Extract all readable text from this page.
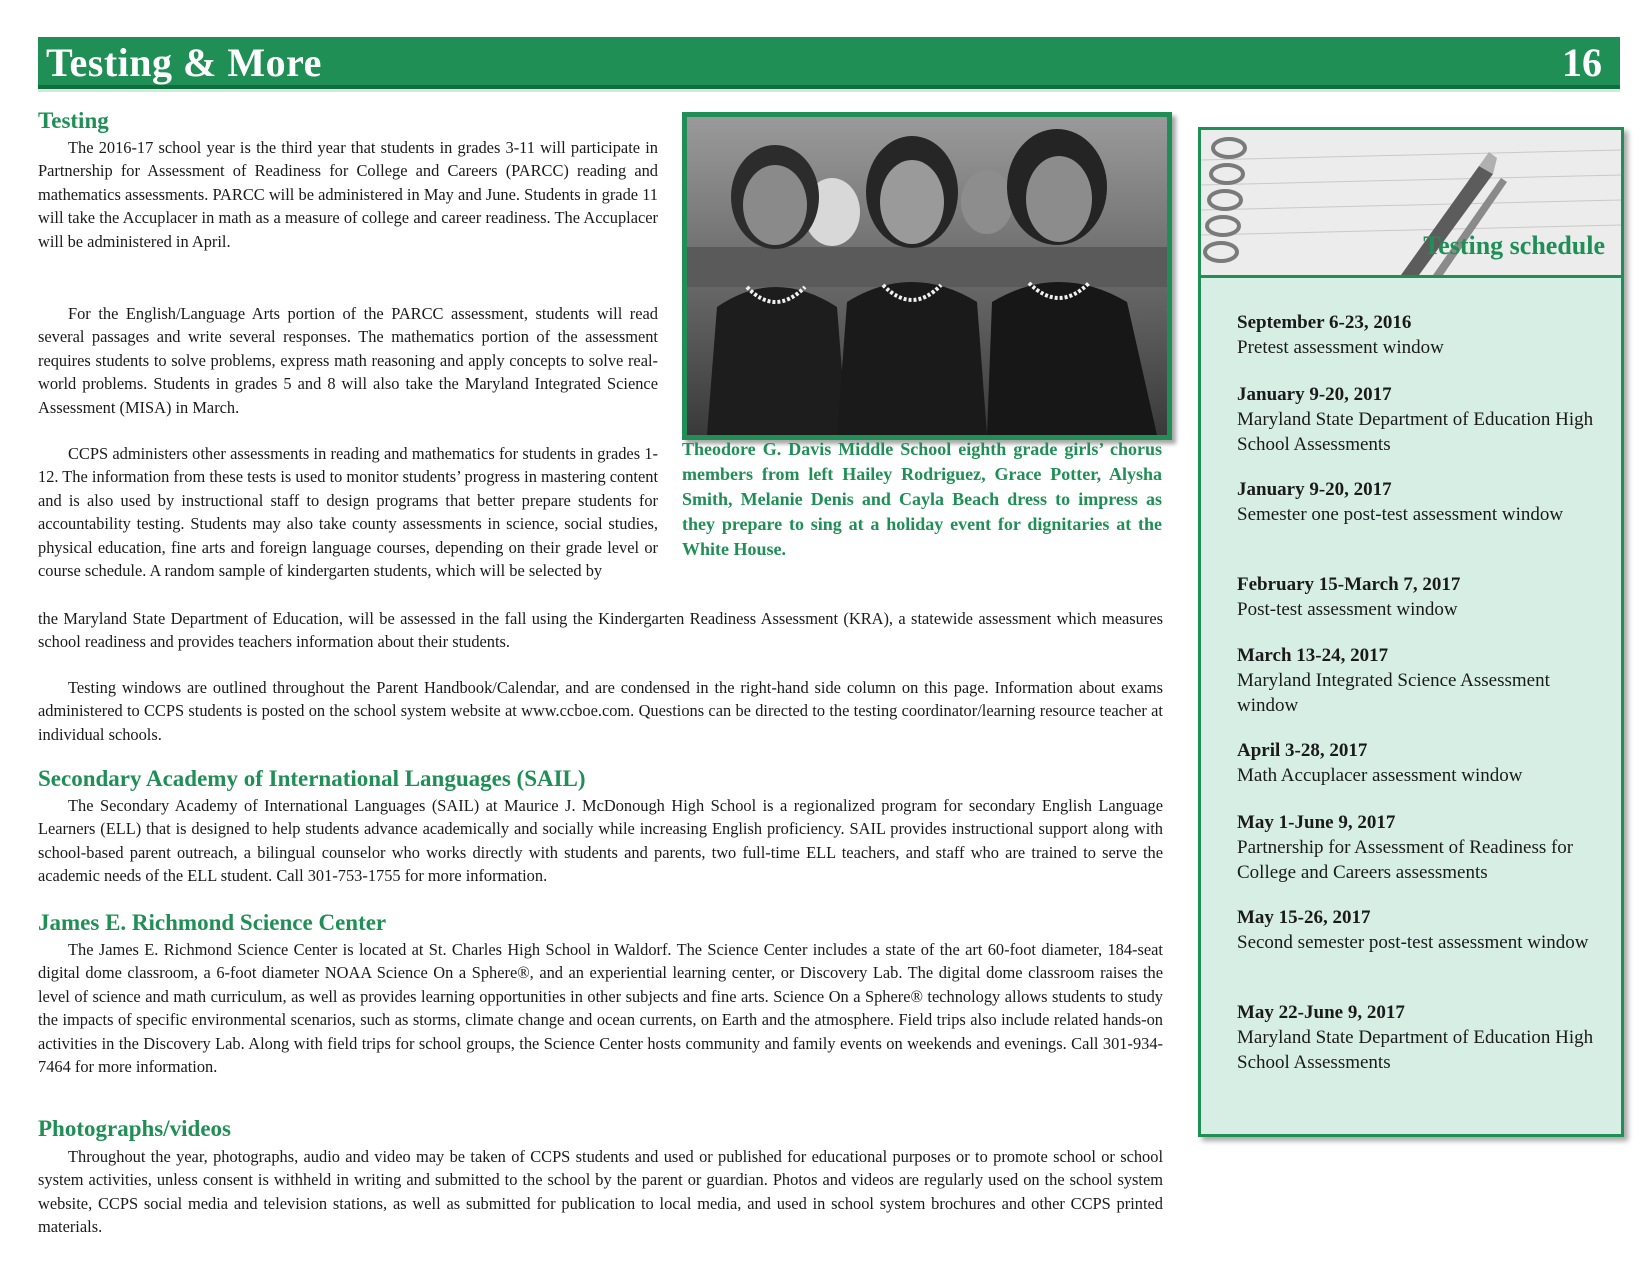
Testing & More	16
Testing

The 2016-17 school year is the third year that students in grades 3-11 will participate in Partnership for Assessment of Readiness for College and Careers (PARCC) reading and mathematics assessments. PARCC will be administered in May and June. Students in grade 11 will take the Accuplacer in math as a measure of college and career readiness. The Accuplacer will be administered in April.

For the English/Language Arts portion of the PARCC assessment, students will read several passages and write several responses. The mathematics portion of the assessment requires students to solve problems, express math reasoning and apply concepts to solve real-world problems. Students in grades 5 and 8 will also take the Maryland Integrated Science Assessment (MISA) in March.

CCPS administers other assessments in reading and mathematics for students in grades 1-12. The information from these tests is used to monitor students’ progress in mastering content and is also used by instructional staff to design programs that better prepare students for accountability testing. Students may also take county assessments in science, social studies, physical education, fine arts and foreign language courses, depending on their grade level or course schedule. A random sample of kindergarten students, which will be selected by

the Maryland State Department of Education, will be assessed in the fall using the Kindergarten Readiness Assessment (KRA), a statewide assessment which measures school readiness and provides teachers information about their students.

Testing windows are outlined throughout the Parent Handbook/Calendar, and are condensed in the right-hand side column on this page. Information about exams administered to CCPS students is posted on the school system website at www.ccboe.com. Questions can be directed to the testing coordinator/learning resource teacher at individual schools.

Theodore G. Davis Middle School eighth grade girls’ chorus members from left Hailey Rodriguez, Grace Potter, Alysha Smith, Melanie Denis and Cayla Beach dress to impress as they prepare to sing at a holiday event for dignitaries at the White House.

Secondary Academy of International Languages (SAIL)

The Secondary Academy of International Languages (SAIL) at Maurice J. McDonough High School is a regionalized program for secondary English Language Learners (ELL) that is designed to help students advance academically and socially while increasing English proficiency. SAIL provides instructional support along with school-based parent outreach, a bilingual counselor who works directly with students and parents, two full-time ELL teachers, and staff who are trained to serve the academic needs of the ELL student. Call 301-753-1755 for more information.

James E. Richmond Science Center

The James E. Richmond Science Center is located at St. Charles High School in Waldorf. The Science Center includes a state of the art 60-foot diameter, 184-seat digital dome classroom, a 6-foot diameter NOAA Science On a Sphere®, and an experiential learning center, or Discovery Lab. The digital dome classroom raises the level of science and math curriculum, as well as provides learning opportunities in other subjects and fine arts. Science On a Sphere® technology allows students to study the impacts of specific environmental scenarios, such as storms, climate change and ocean currents, on Earth and the atmosphere. Field trips also include related hands-on activities in the Discovery Lab. Along with field trips for school groups, the Science Center hosts community and family events on weekends and evenings. Call 301-934-7464 for more information.

Photographs/videos

Throughout the year, photographs, audio and video may be taken of CCPS students and used or published for educational purposes or to promote school or school system activities, unless consent is withheld in writing and submitted to the school by the parent or guardian. Photos and videos are regularly used on the school system website, CCPS social media and television stations, as well as submitted for publication to local media, and used in school system brochures and other CCPS printed materials.

Testing schedule
September 6-23, 2016
Pretest assessment window
January 9-20, 2017
Maryland State Department of Education High School Assessments
January 9-20, 2017
Semester one post-test assessment window
February 15-March 7, 2017
Post-test assessment window
March 13-24, 2017
Maryland Integrated Science Assessment window
April 3-28, 2017
Math Accuplacer assessment window
May 1-June 9, 2017
Partnership for Assessment of Readiness for College and Careers assessments
May 15-26, 2017
Second semester post-test assessment window
May 22-June 9, 2017
Maryland State Department of Education High School Assessments
